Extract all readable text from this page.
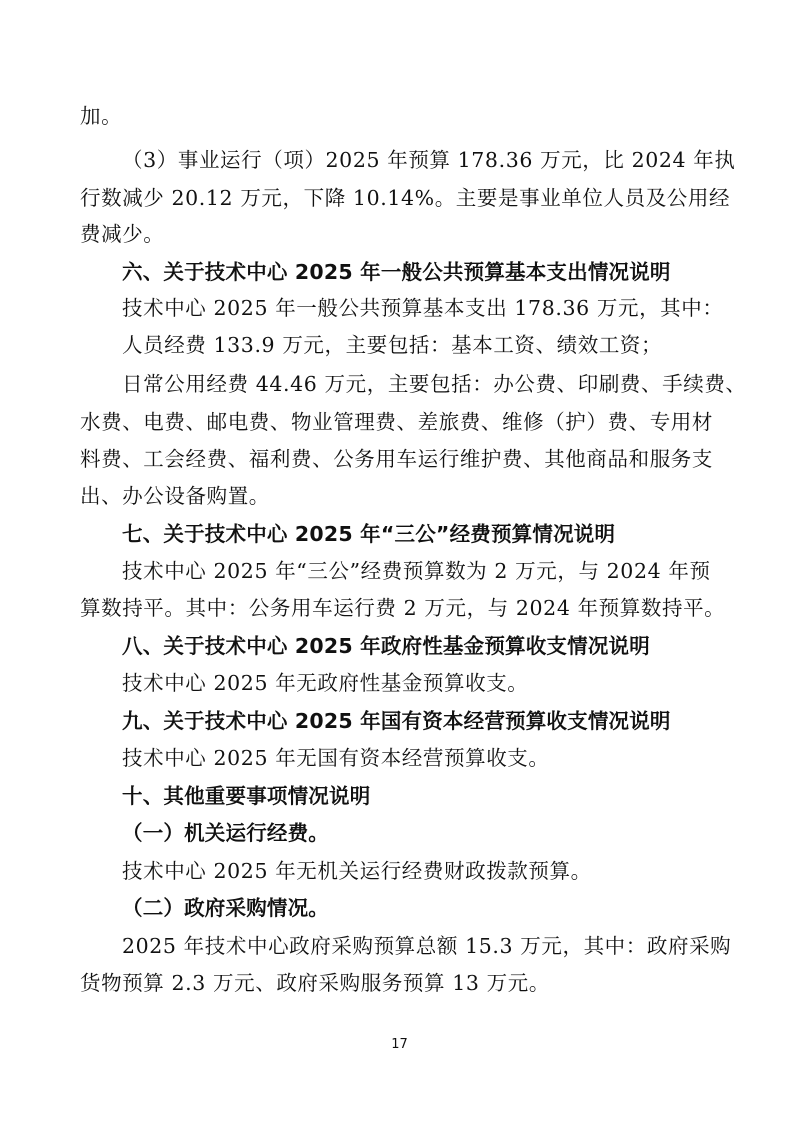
加。
（3）事业运行（项）2025 年预算 178.36 万元，比 2024 年执
行数减少 20.12 万元，下降 10.14%。主要是事业单位人员及公用经
费减少。
六、关于技术中心 2025 年一般公共预算基本支出情况说明
技术中心 2025 年一般公共预算基本支出 178.36 万元，其中：
人员经费 133.9 万元，主要包括：基本工资、绩效工资；
日常公用经费 44.46 万元，主要包括：办公费、印刷费、手续费、
水费、电费、邮电费、物业管理费、差旅费、维修（护）费、专用材
料费、工会经费、福利费、公务用车运行维护费、其他商品和服务支
出、办公设备购置。
七、关于技术中心 2025 年“三公”经费预算情况说明
技术中心 2025 年“三公”经费预算数为 2 万元，与 2024 年预
算数持平。其中：公务用车运行费 2 万元，与 2024 年预算数持平。
八、关于技术中心 2025 年政府性基金预算收支情况说明
技术中心 2025 年无政府性基金预算收支。
九、关于技术中心 2025 年国有资本经营预算收支情况说明
技术中心 2025 年无国有资本经营预算收支。
十、其他重要事项情况说明
（一）机关运行经费。
技术中心 2025 年无机关运行经费财政拨款预算。
（二）政府采购情况。
2025 年技术中心政府采购预算总额 15.3 万元，其中：政府采购
货物预算 2.3 万元、政府采购服务预算 13 万元。
17
